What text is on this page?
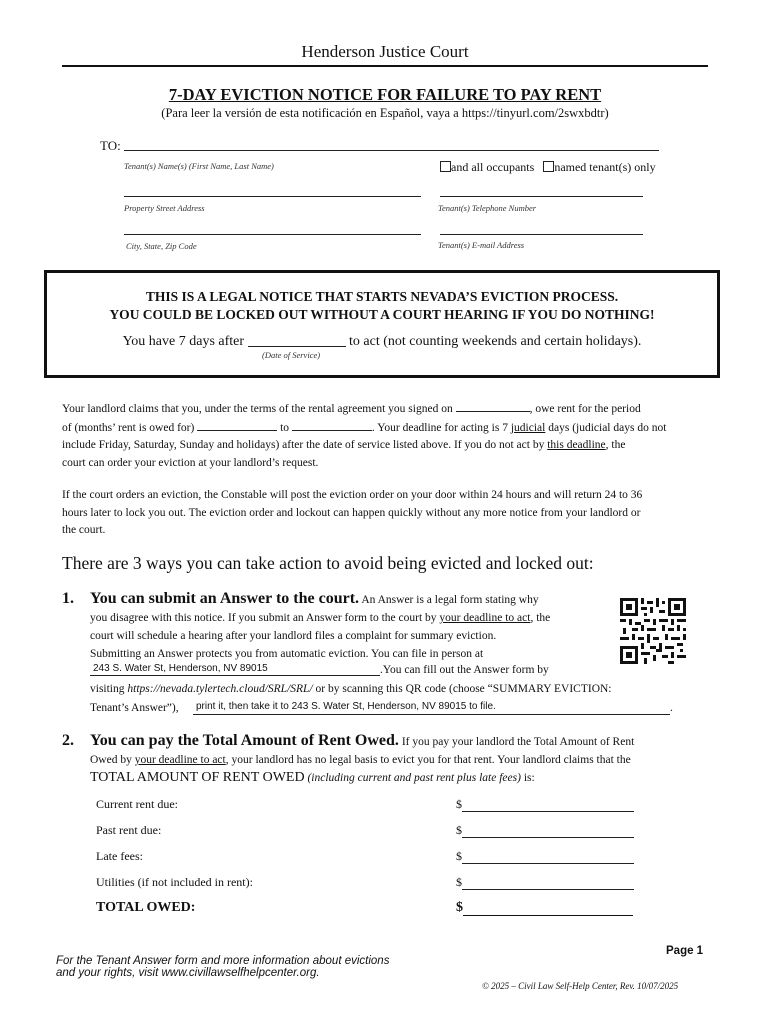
Henderson Justice Court
7-DAY EVICTION NOTICE FOR FAILURE TO PAY RENT
(Para leer la versión de esta notificación en Español, vaya a https://tinyurl.com/2swxbdtr)
TO:
Tenant(s) Name(s) (First Name, Last Name)	and all occupants named tenant(s) only
Property Street Address	Tenant(s) Telephone Number
City, State, Zip Code	Tenant(s) E-mail Address
THIS IS A LEGAL NOTICE THAT STARTS NEVADA’S EVICTION PROCESS.
YOU COULD BE LOCKED OUT WITHOUT A COURT HEARING IF YOU DO NOTHING!
You have 7 days after	to act (not counting weekends and certain holidays).
(Date of Service)
Your landlord claims that you, under the terms of the rental agreement you signed on	, owe rent for the period
of (months’ rent is owed for)	to	. Your deadline for acting is 7 judicial days (judicial days do not
include Friday, Saturday, Sunday and holidays) after the date of service listed above. If you do not act by this deadline, the
court can order your eviction at your landlord’s request.
If the court orders an eviction, the Constable will post the eviction order on your door within 24 hours and will return 24 to 36
hours later to lock you out. The eviction order and lockout can happen quickly without any more notice from your landlord or
the court.
There are 3 ways you can take action to avoid being evicted and locked out:
1. You can submit an Answer to the court. An Answer is a legal form stating why
you disagree with this notice. If you submit an Answer form to the court by your deadline to act, the
court will schedule a hearing after your landlord files a complaint for summary eviction.
Submitting an Answer protects you from automatic eviction. You can file in person at
243 S. Water St, Henderson, NV 89015	.You can fill out the Answer form by
visiting https://nevada.tylertech.cloud/SRL/SRL/ or by scanning this QR code (choose “SUMMARY EVICTION:
Tenant’s Answer”), print it, then take it to 243 S. Water St, Henderson, NV 89015 to file.	.
2. You can pay the Total Amount of Rent Owed. If you pay your landlord the Total Amount of Rent
Owed by your deadline to act, your landlord has no legal basis to evict you for that rent. Your landlord claims that the
TOTAL AMOUNT OF RENT OWED (including current and past rent plus late fees) is:
Current rent due:	$
Past rent due:	$
Late fees:	$
Utilities (if not included in rent):	$
TOTAL OWED:	$
For the Tenant Answer form and more information about evictions
and your rights, visit www.civillawselfhelpcenter.org.
Page 1
© 2025 – Civil Law Self-Help Center, Rev. 10/07/2025
